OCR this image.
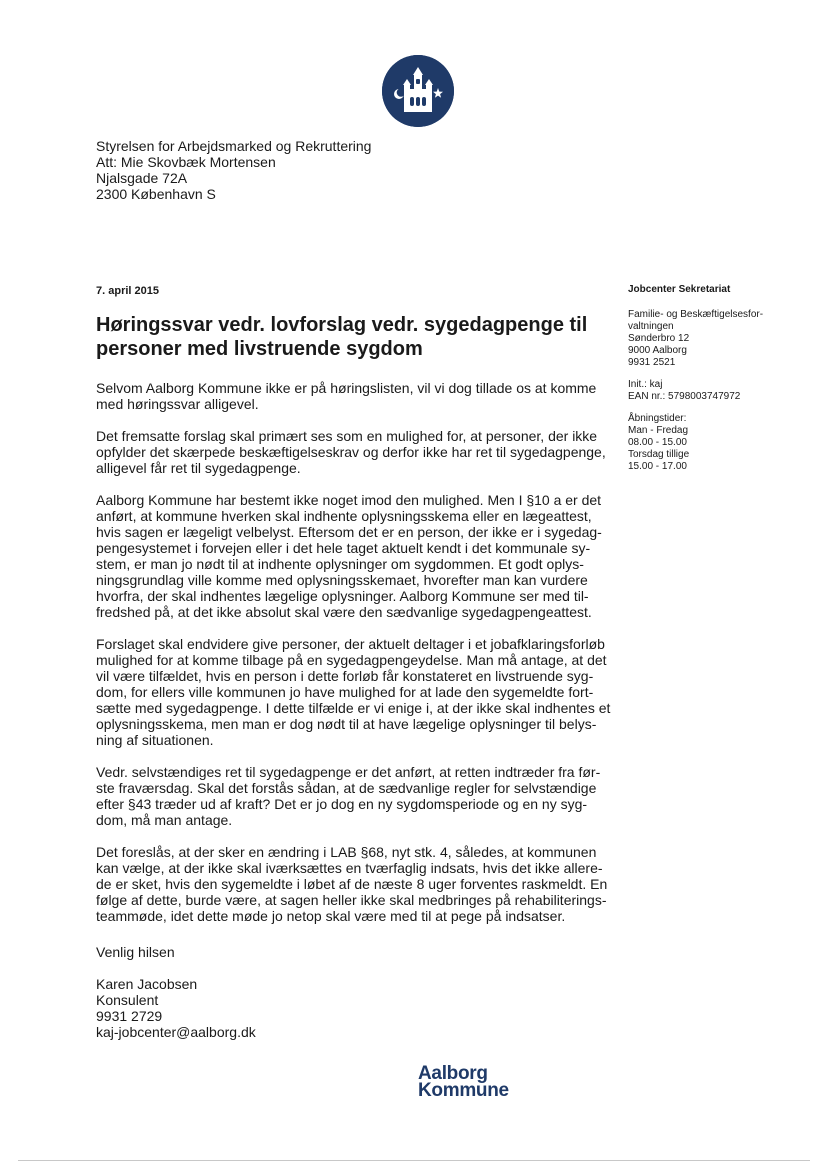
Styrelsen for Arbejdsmarked og Rekruttering
Att: Mie Skovbæk Mortensen
Njalsgade 72A
2300 København S
7. april 2015
Høringssvar vedr. lovforslag vedr. sygedagpenge til
personer med livstruende sygdom

Selvom Aalborg Kommune ikke er på høringslisten, vil vi dog tillade os at komme
med høringssvar alligevel.

Det fremsatte forslag skal primært ses som en mulighed for, at personer, der ikke
opfylder det skærpede beskæftigelseskrav og derfor ikke har ret til sygedagpenge,
alligevel får ret til sygedagpenge.

Aalborg Kommune har bestemt ikke noget imod den mulighed. Men I §10 a er det
anført, at kommune hverken skal indhente oplysningsskema eller en lægeattest,
hvis sagen er lægeligt velbelyst. Eftersom det er en person, der ikke er i sygedag-
pengesystemet i forvejen eller i det hele taget aktuelt kendt i det kommunale sy-
stem, er man jo nødt til at indhente oplysninger om sygdommen. Et godt oplys-
ningsgrundlag ville komme med oplysningsskemaet, hvorefter man kan vurdere
hvorfra, der skal indhentes lægelige oplysninger. Aalborg Kommune ser med til-
fredshed på, at det ikke absolut skal være den sædvanlige sygedagpengeattest.

Forslaget skal endvidere give personer, der aktuelt deltager i et jobafklaringsforløb
mulighed for at komme tilbage på en sygedagpengeydelse. Man må antage, at det
vil være tilfældet, hvis en person i dette forløb får konstateret en livstruende syg-
dom, for ellers ville kommunen jo have mulighed for at lade den sygemeldte fort-
sætte med sygedagpenge. I dette tilfælde er vi enige i, at der ikke skal indhentes et
oplysningsskema, men man er dog nødt til at have lægelige oplysninger til belys-
ning af situationen.

Vedr. selvstændiges ret til sygedagpenge er det anført, at retten indtræder fra før-
ste fraværsdag. Skal det forstås sådan, at de sædvanlige regler for selvstændige
efter §43 træder ud af kraft? Det er jo dog en ny sygdomsperiode og en ny syg-
dom, må man antage.

Det foreslås, at der sker en ændring i LAB §68, nyt stk. 4, således, at kommunen
kan vælge, at der ikke skal iværksættes en tværfaglig indsats, hvis det ikke allere-
de er sket, hvis den sygemeldte i løbet af de næste 8 uger forventes raskmeldt. En
følge af dette, burde være, at sagen heller ikke skal medbringes på rehabiliterings-
teammøde, idet dette møde jo netop skal være med til at pege på indsatser.

Venlig hilsen
Karen Jacobsen
Konsulent
9931 2729
kaj-jobcenter@aalborg.dk
Jobcenter Sekretariat
Familie- og Beskæftigelsesfor-
valtningen
Sønderbro 12
9000 Aalborg
9931 2521
Init.: kaj
EAN nr.: 5798003747972
Åbningstider:
Man - Fredag
08.00 - 15.00
Torsdag tillige
15.00 - 17.00
Aalborg
Kommune
